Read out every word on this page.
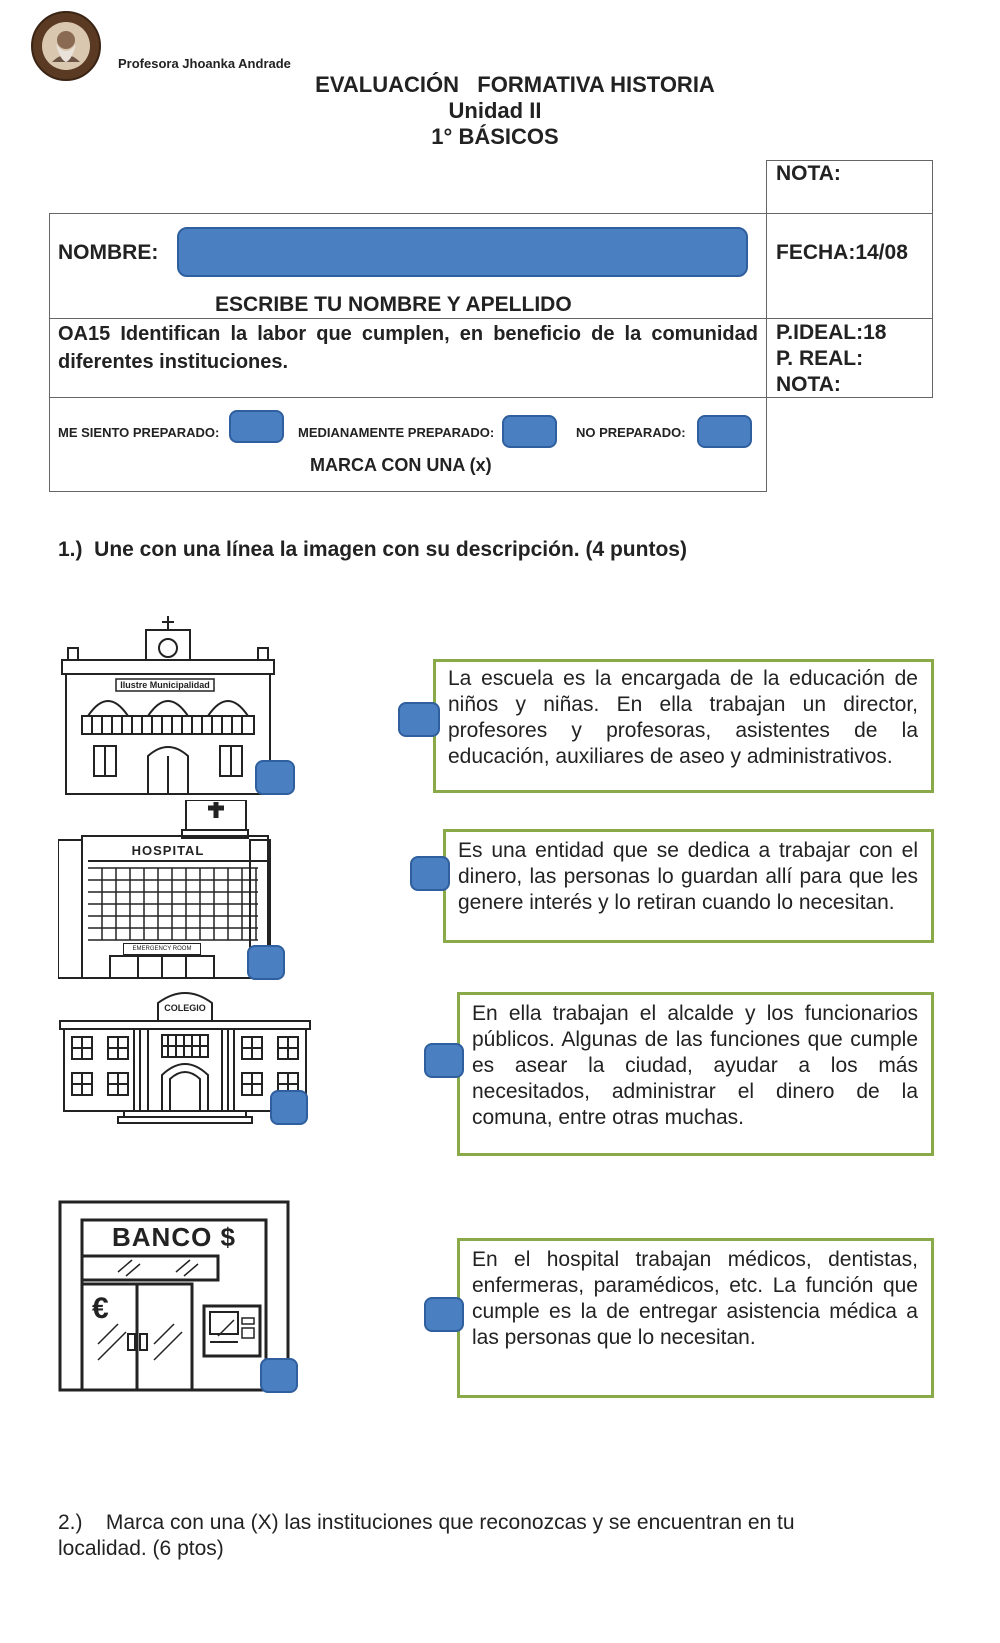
Profesora Jhoanka Andrade
EVALUACIÓN   FORMATIVA HISTORIA
Unidad II
1° BÁSICOS
NOTA:
NOMBRE:	FECHA:14/08
ESCRIBE TU NOMBRE Y APELLIDO
OA15 Identifican la labor que cumplen, en beneficio de la comunidad diferentes instituciones.
P.IDEAL:18
P. REAL:
NOTA:
ME SIENTO PREPARADO:	MEDIANAMENTE PREPARADO:	NO PREPARADO:
MARCA CON UNA (x)
1.)  Une con una línea la imagen con su descripción. (4 puntos)
Ilustre Municipalidad	La escuela es la encargada de la educación de niños y niñas. En ella trabajan un director, profesores y profesoras, asistentes de la educación, auxiliares de aseo y administrativos.
HOSPITAL
EMERGENCY ROOM
Es una entidad que se dedica a trabajar con el dinero, las personas lo guardan allí para que les genere interés y lo retiran cuando lo necesitan.
COLEGIO	En ella trabajan el alcalde y los funcionarios públicos. Algunas de las funciones que cumple es asear la ciudad, ayudar a los más necesitados, administrar el dinero de la comuna, entre otras muchas.
BANCO $
€
En el hospital trabajan médicos, dentistas, enfermeras, paramédicos, etc. La función que cumple es la de entregar asistencia médica a las personas que lo necesitan.
2.)    Marca con una (X) las instituciones que reconozcas y se encuentran en tu localidad. (6 ptos)
